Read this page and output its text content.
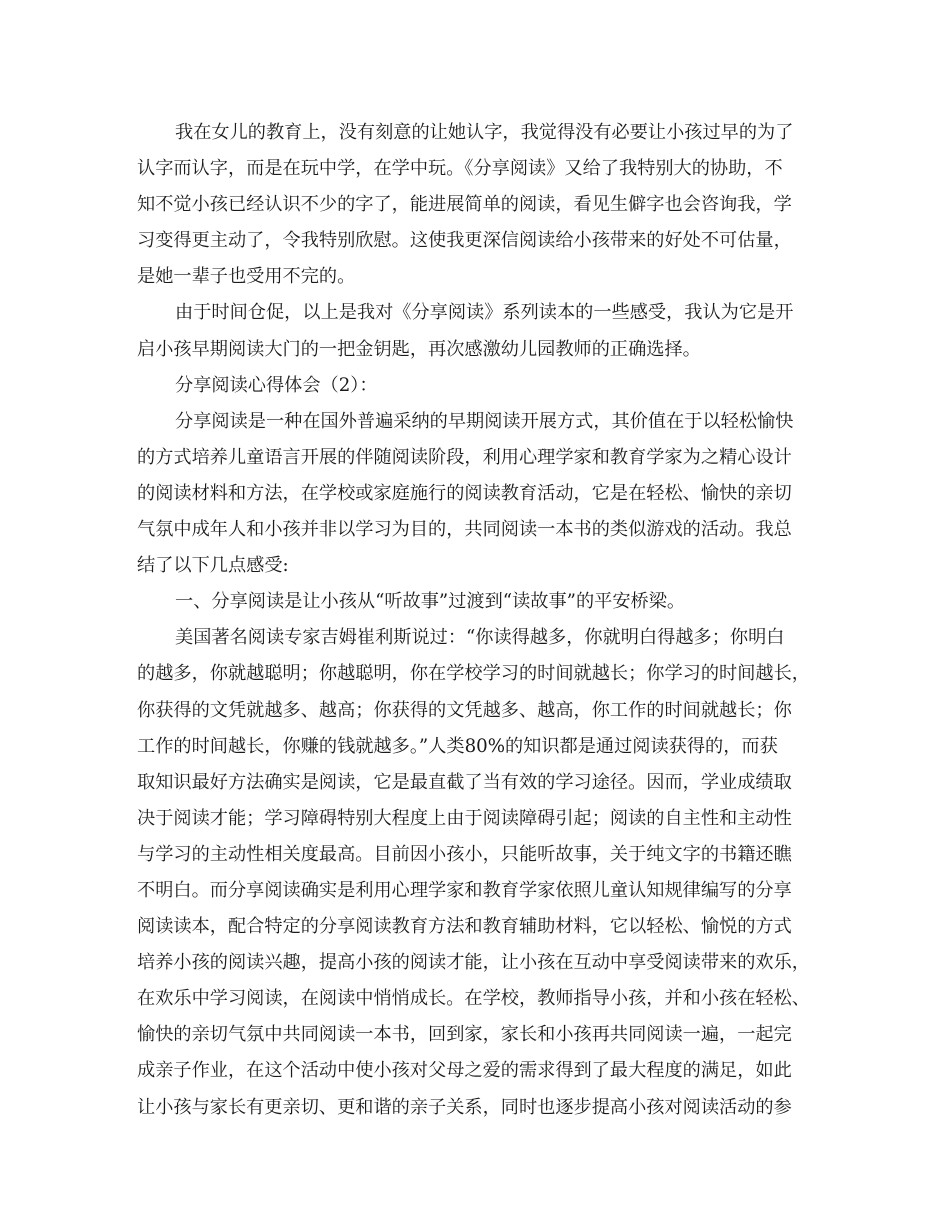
我在女儿的教育上，没有刻意的让她认字，我觉得没有必要让小孩过早的为了
认字而认字，而是在玩中学，在学中玩。《分享阅读》又给了我特别大的协助，不
知不觉小孩已经认识不少的字了，能进展简单的阅读，看见生僻字也会咨询我，学
习变得更主动了，令我特别欣慰。这使我更深信阅读给小孩带来的好处不可估量，
是她一辈子也受用不完的。
由于时间仓促，以上是我对《分享阅读》系列读本的一些感受，我认为它是开
启小孩早期阅读大门的一把金钥匙，再次感激幼儿园教师的正确选择。
分享阅读心得体会（2）：
分享阅读是一种在国外普遍采纳的早期阅读开展方式，其价值在于以轻松愉快
的方式培养儿童语言开展的伴随阅读阶段，利用心理学家和教育学家为之精心设计
的阅读材料和方法，在学校或家庭施行的阅读教育活动，它是在轻松、愉快的亲切
气氛中成年人和小孩并非以学习为目的，共同阅读一本书的类似游戏的活动。我总
结了以下几点感受:
一、分享阅读是让小孩从“听故事”过渡到“读故事”的平安桥梁。
美国著名阅读专家吉姆崔利斯说过：“你读得越多，你就明白得越多；你明白
的越多，你就越聪明；你越聪明，你在学校学习的时间就越长；你学习的时间越长，
你获得的文凭就越多、越高；你获得的文凭越多、越高，你工作的时间就越长；你
工作的时间越长，你赚的钱就越多。”人类80%的知识都是通过阅读获得的，而获
取知识最好方法确实是阅读，它是最直截了当有效的学习途径。因而，学业成绩取
决于阅读才能；学习障碍特别大程度上由于阅读障碍引起；阅读的自主性和主动性
与学习的主动性相关度最高。目前因小孩小，只能听故事，关于纯文字的书籍还瞧
不明白。而分享阅读确实是利用心理学家和教育学家依照儿童认知规律编写的分享
阅读读本，配合特定的分享阅读教育方法和教育辅助材料，它以轻松、愉悦的方式
培养小孩的阅读兴趣，提高小孩的阅读才能，让小孩在互动中享受阅读带来的欢乐，
在欢乐中学习阅读，在阅读中悄悄成长。在学校，教师指导小孩，并和小孩在轻松、
愉快的亲切气氛中共同阅读一本书，回到家，家长和小孩再共同阅读一遍，一起完
成亲子作业，在这个活动中使小孩对父母之爱的需求得到了最大程度的满足，如此
让小孩与家长有更亲切、更和谐的亲子关系，同时也逐步提高小孩对阅读活动的参
